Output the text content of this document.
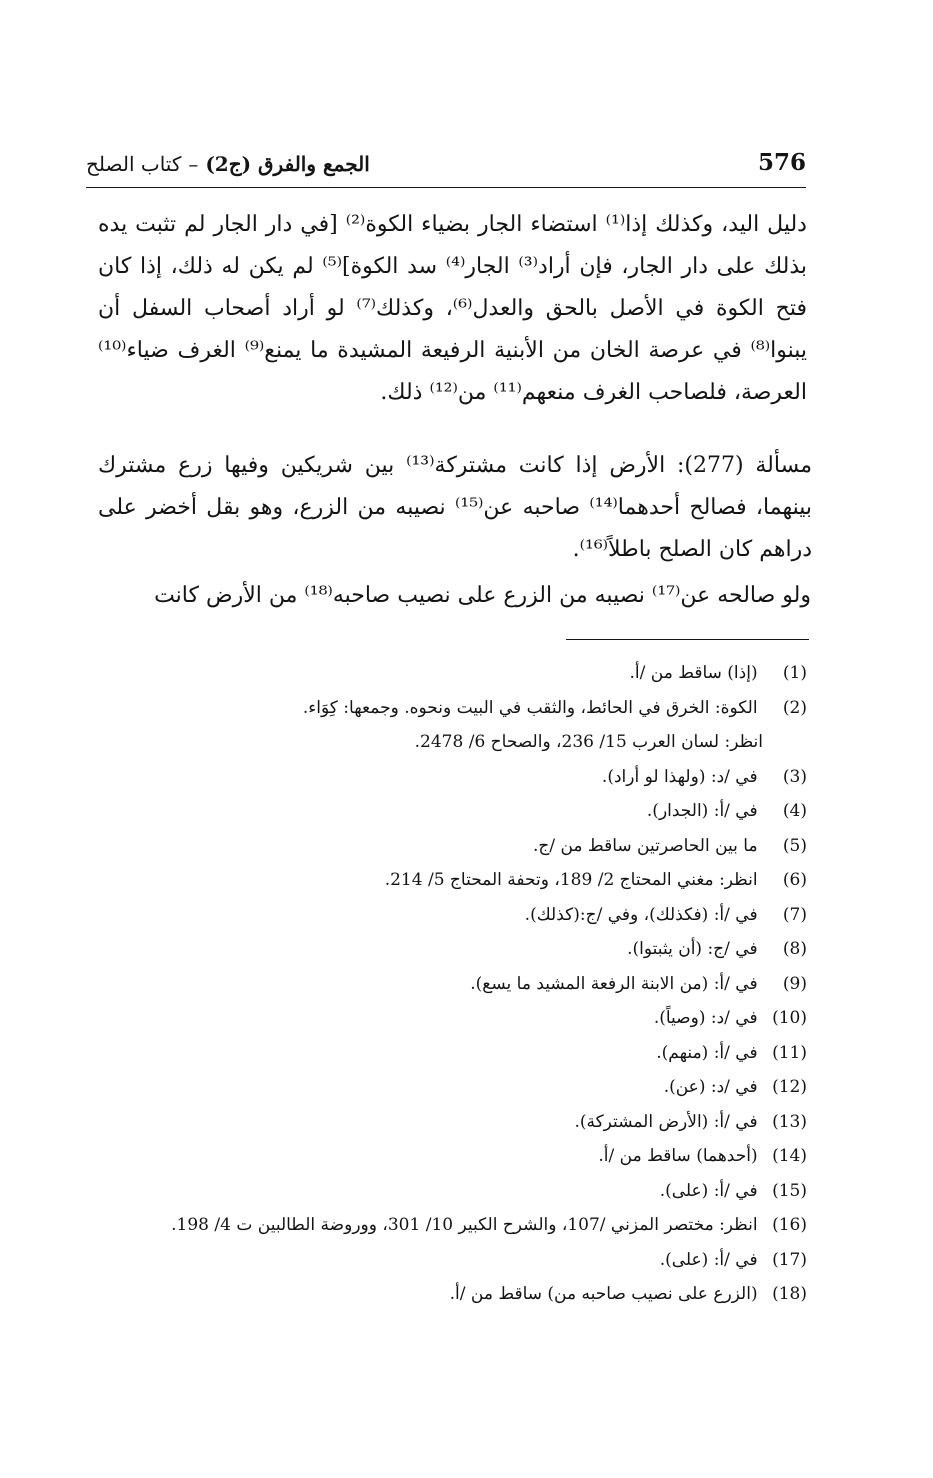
576
الجمع والفرق (ج2) – كتاب الصلح

دليل اليد، وكذلك إذا⁽¹⁾ استضاء الجار بضياء الكوة⁽²⁾ [في دار الجار لم تثبت يده بذلك على دار الجار، فإن أراد⁽³⁾ الجار⁽⁴⁾ سد الكوة]⁽⁵⁾ لم يكن له ذلك، إذا كان فتح الكوة في الأصل بالحق والعدل⁽⁶⁾، وكذلك⁽⁷⁾ لو أراد أصحاب السفل أن يبنوا⁽⁸⁾ في عرصة الخان من الأبنية الرفيعة المشيدة ما يمنع⁽⁹⁾ الغرف ضياء⁽¹⁰⁾ العرصة، فلصاحب الغرف منعهم⁽¹¹⁾ من⁽¹²⁾ ذلك.

مسألة (277): الأرض إذا كانت مشتركة⁽¹³⁾ بين شريكين وفيها زرع مشترك بينهما، فصالح أحدهما⁽¹⁴⁾ صاحبه عن⁽¹⁵⁾ نصيبه من الزرع، وهو بقل أخضر على دراهم كان الصلح باطلاً⁽¹⁶⁾.

ولو صالحه عن⁽¹⁷⁾ نصيبه من الزرع على نصيب صاحبه⁽¹⁸⁾ من الأرض كانت

(1) (إذا) ساقط من /أ.
(2) الكوة: الخرق في الحائط، والثقب في البيت ونحوه. وجمعها: كِوَاء.
انظر: لسان العرب 15/ 236، والصحاح 6/ 2478.
(3) في /د: (ولهذا لو أراد).
(4) في /أ: (الجدار).
(5) ما بين الحاصرتين ساقط من /ج.
(6) انظر: مغني المحتاج 2/ 189، وتحفة المحتاج 5/ 214.
(7) في /أ: (فكذلك)، وفي /ج:(كذلك).
(8) في /ج: (أن يثبتوا).
(9) في /أ: (من الابنة الرفعة المشيد ما يسع).
(10) في /د: (وصياً).
(11) في /أ: (منهم).
(12) في /د: (عن).
(13) في /أ: (الأرض المشتركة).
(14) (أحدهما) ساقط من /أ.
(15) في /أ: (على).
(16) انظر: مختصر المزني /107، والشرح الكبير 10/ 301، ووروضة الطالبين ت 4/ 198.
(17) في /أ: (على).
(18) (الزرع على نصيب صاحبه من) ساقط من /أ.
